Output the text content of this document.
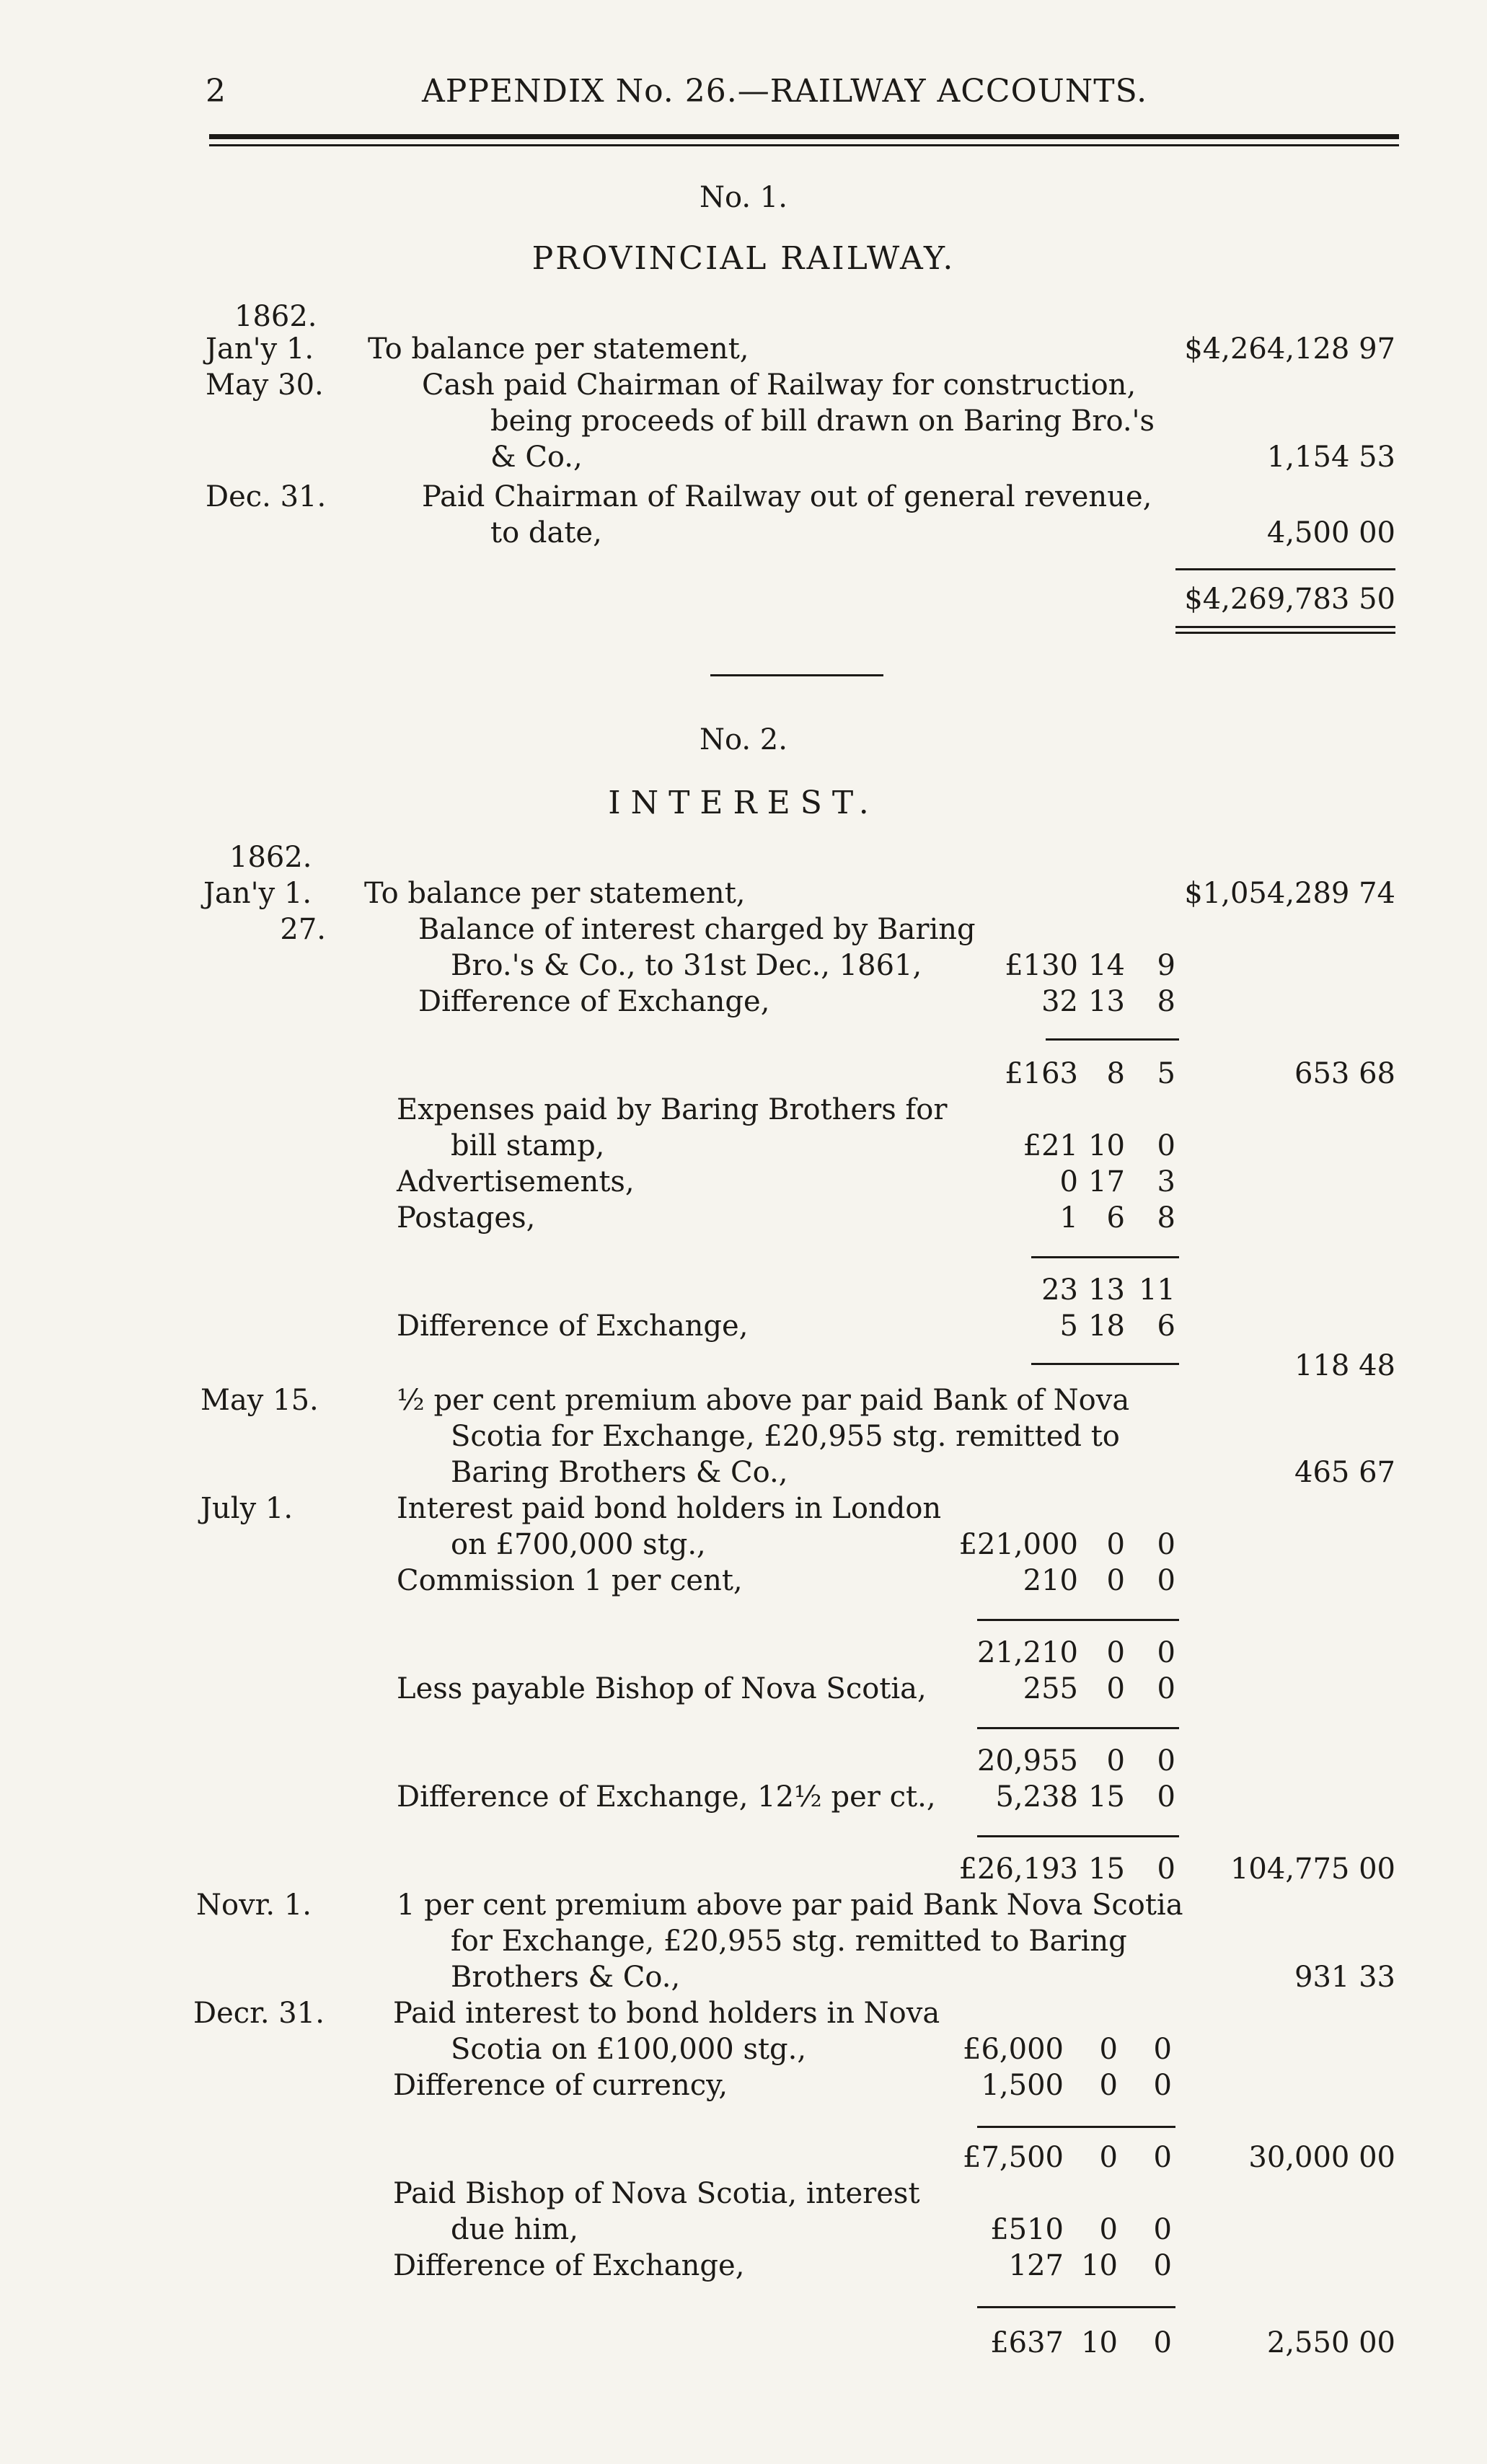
2	APPENDIX No. 26.—RAILWAY ACCOUNTS.
No. 1.
PROVINCIAL RAILWAY.
1862.
Jan'y 1. To balance per statement,	$4,264,128 97
May 30.	Cash paid Chairman of Railway for construction,
being proceeds of bill drawn on Baring Bro.'s
& Co.,	1,154 53
Dec. 31.	Paid Chairman of Railway out of general revenue,
to date,	4,500 00
$4,269,783 50
No. 2.
INTEREST.
1862.
Jan'y 1. To balance per statement,	$1,054,289 74
27.	Balance of interest charged by Baring
Bro.'s & Co., to 31st Dec., 1861,	£130 14	9
Difference of Exchange,	32 13	8
£163 8	5	653 68
Expenses paid by Baring Brothers for
bill stamp,	£21 10	0
Advertisements,	0 17	3
Postages,	1 6	8
23 13 11
Difference of Exchange,	5 18	6
118 48
May 15.	½ per cent premium above par paid Bank of Nova
Scotia for Exchange, £20,955 stg. remitted to
Baring Brothers & Co.,	465 67
July 1.	Interest paid bond holders in London
on £700,000 stg.,	£21,000 0	0
Commission 1 per cent,	210 0	0
21,210 0	0
Less payable Bishop of Nova Scotia,	255 0	0
20,955 0	0
Difference of Exchange, 12½ per ct.,	5,238 15	0
£26,193 15	0	104,775 00
Novr. 1.	1 per cent premium above par paid Bank Nova Scotia
for Exchange, £20,955 stg. remitted to Baring
Brothers & Co.,	931 33
Decr. 31. Paid interest to bond holders in Nova
Scotia on £100,000 stg.,	£6,000	0	0
Difference of currency,	1,500	0	0
£7,500	0	0	30,000 00
Paid Bishop of Nova Scotia, interest
due him,	£510	0	0
Difference of Exchange,	127 10	0
£637 10	0	2,550 00
